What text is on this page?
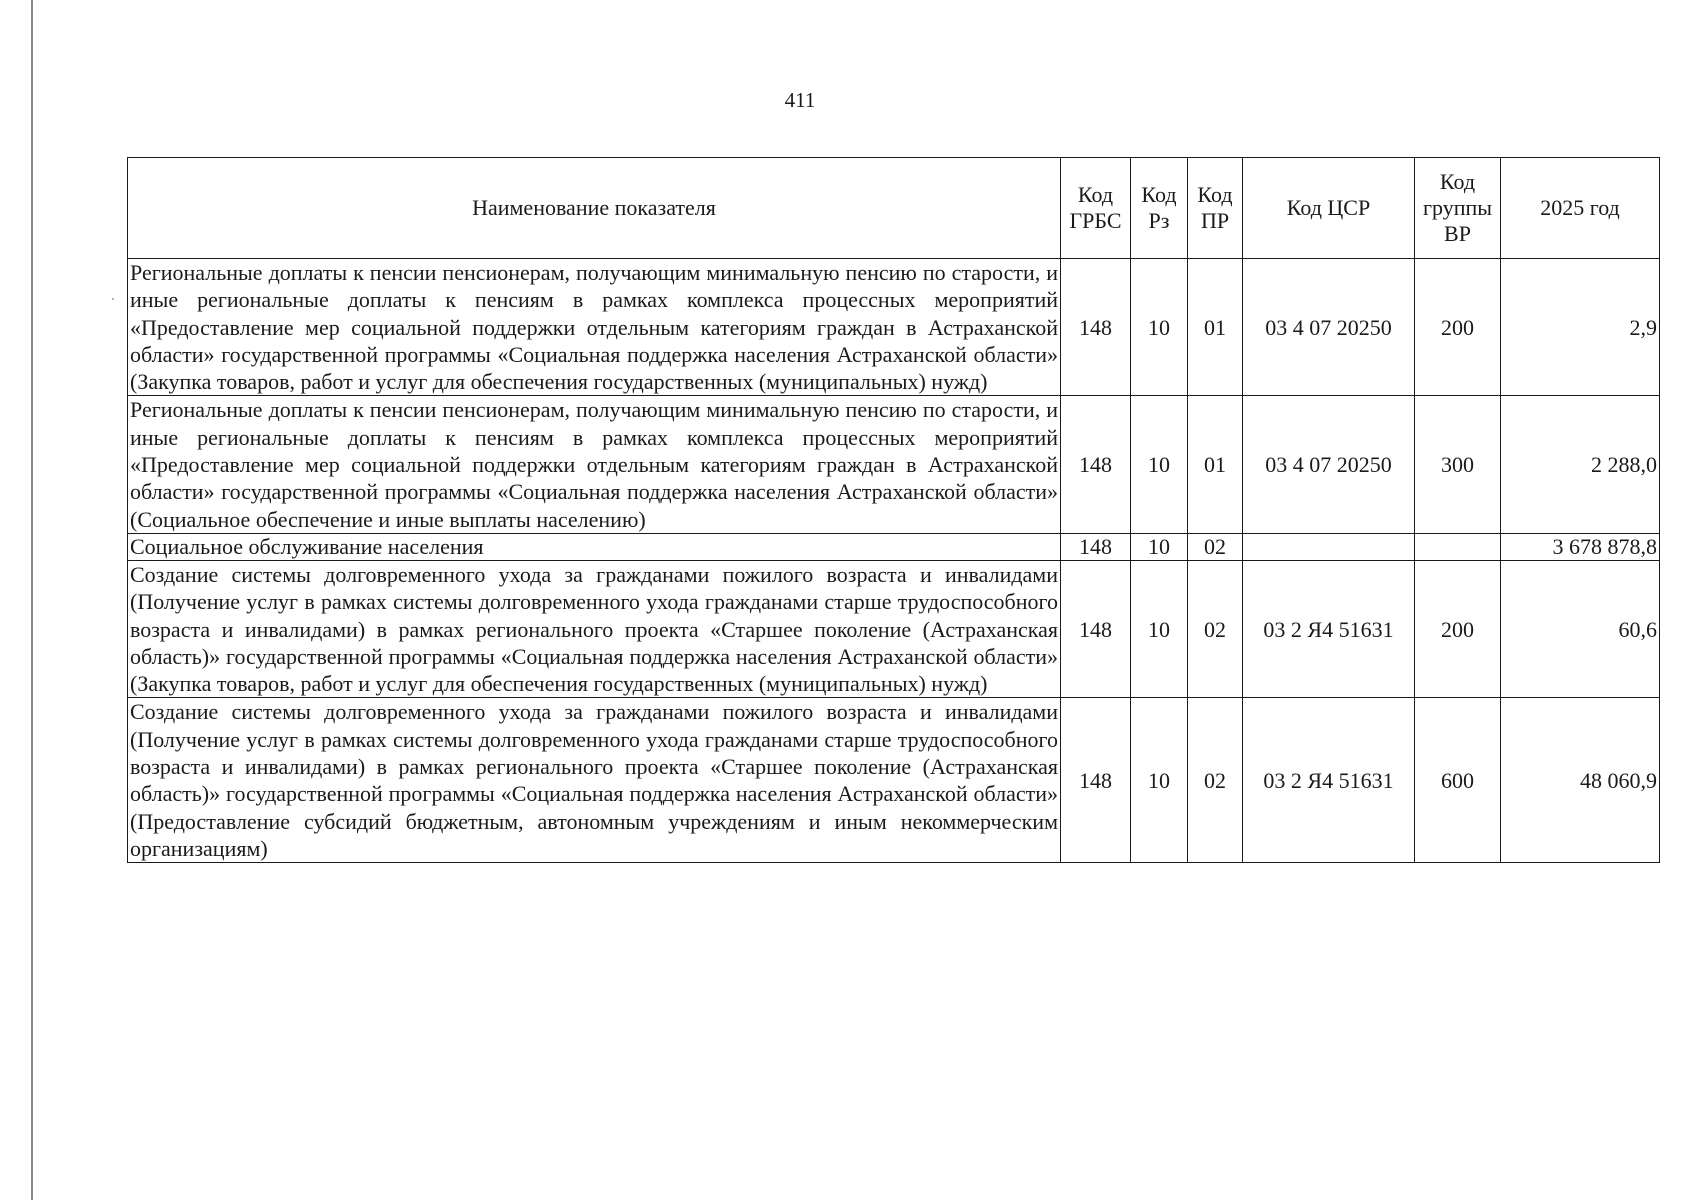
411
Наименование показателя	Код ГРБС	Код Рз	Код ПР	Код ЦСР	Код группы ВР	2025 год
Региональные доплаты к пенсии пенсионерам, получающим минимальную пенсию по старости, и иные региональные доплаты к пенсиям в рамках комплекса процессных мероприятий «Предоставление мер социальной поддержки отдельным категориям граждан в Астраханской области» государственной программы «Социальная поддержка населения Астраханской области» (Закупка товаров, работ и услуг для обеспечения государственных (муниципальных) нужд)	148	10	01	03 4 07 20250	200	2,9
Региональные доплаты к пенсии пенсионерам, получающим минимальную пенсию по старости, и иные региональные доплаты к пенсиям в рамках комплекса процессных мероприятий «Предоставление мер социальной поддержки отдельным категориям граждан в Астраханской области» государственной программы «Социальная поддержка населения Астраханской области» (Социальное обеспечение и иные выплаты населению)	148	10	01	03 4 07 20250	300	2 288,0
Социальное обслуживание населения	148	10	02			3 678 878,8
Создание системы долговременного ухода за гражданами пожилого возраста и инвалидами (Получение услуг в рамках системы долговременного ухода гражданами старше трудоспособного возраста и инвалидами) в рамках регионального проекта «Старшее поколение (Астраханская область)» государственной программы «Социальная поддержка населения Астраханской области» (Закупка товаров, работ и услуг для обеспечения государственных (муниципальных) нужд)	148	10	02	03 2 Я4 51631	200	60,6
Создание системы долговременного ухода за гражданами пожилого возраста и инвалидами (Получение услуг в рамках системы долговременного ухода гражданами старше трудоспособного возраста и инвалидами) в рамках регионального проекта «Старшее поколение (Астраханская область)» государственной программы «Социальная поддержка населения Астраханской области» (Предоставление субсидий бюджетным, автономным учреждениям и иным некоммерческим организациям)	148	10	02	03 2 Я4 51631	600	48 060,9
